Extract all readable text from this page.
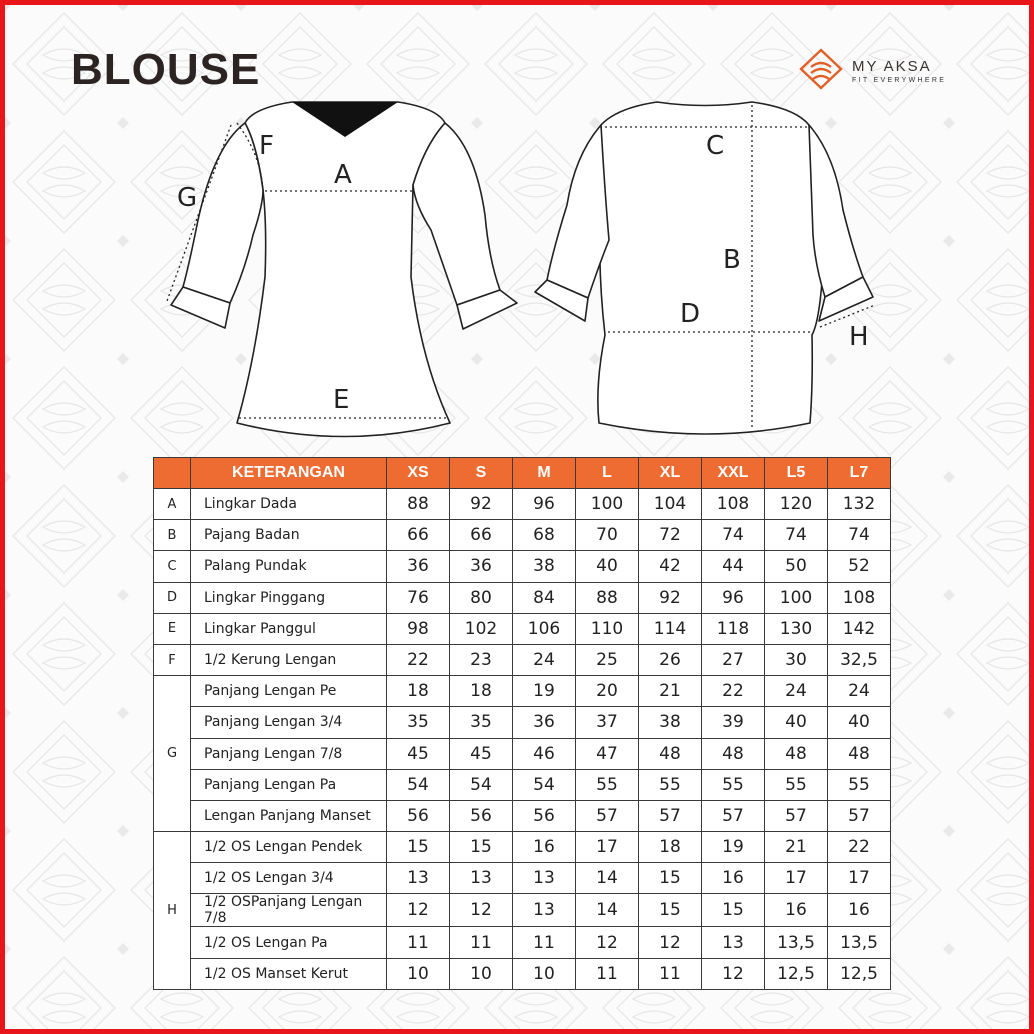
BLOUSE	MY AKSA
FIT EVERYWHERE
F
A
G
E
C
B
D
H
	KETERANGAN	XS	S	M	L	XL	XXL	L5	L7
A	Lingkar Dada	88	92	96	100	104	108	120	132
B	Pajang Badan	66	66	68	70	72	74	74	74
C	Palang Pundak	36	36	38	40	42	44	50	52
D	Lingkar Pinggang	76	80	84	88	92	96	100	108
E	Lingkar Panggul	98	102	106	110	114	118	130	142
F	1/2 Kerung Lengan	22	23	24	25	26	27	30	32,5
G	Panjang Lengan Pe	18	18	19	20	21	22	24	24
	Panjang Lengan 3/4	35	35	36	37	38	39	40	40
	Panjang Lengan 7/8	45	45	46	47	48	48	48	48
	Panjang Lengan Pa	54	54	54	55	55	55	55	55
	Lengan Panjang Manset	56	56	56	57	57	57	57	57
H	1/2 OS Lengan Pendek	15	15	16	17	18	19	21	22
	1/2 OS Lengan 3/4	13	13	13	14	15	16	17	17
	1/2 OSPanjang Lengan 7/8	12	12	13	14	15	15	16	16
	1/2 OS Lengan Pa	11	11	11	12	12	13	13,5	13,5
	1/2 OS Manset Kerut	10	10	10	11	11	12	12,5	12,5
